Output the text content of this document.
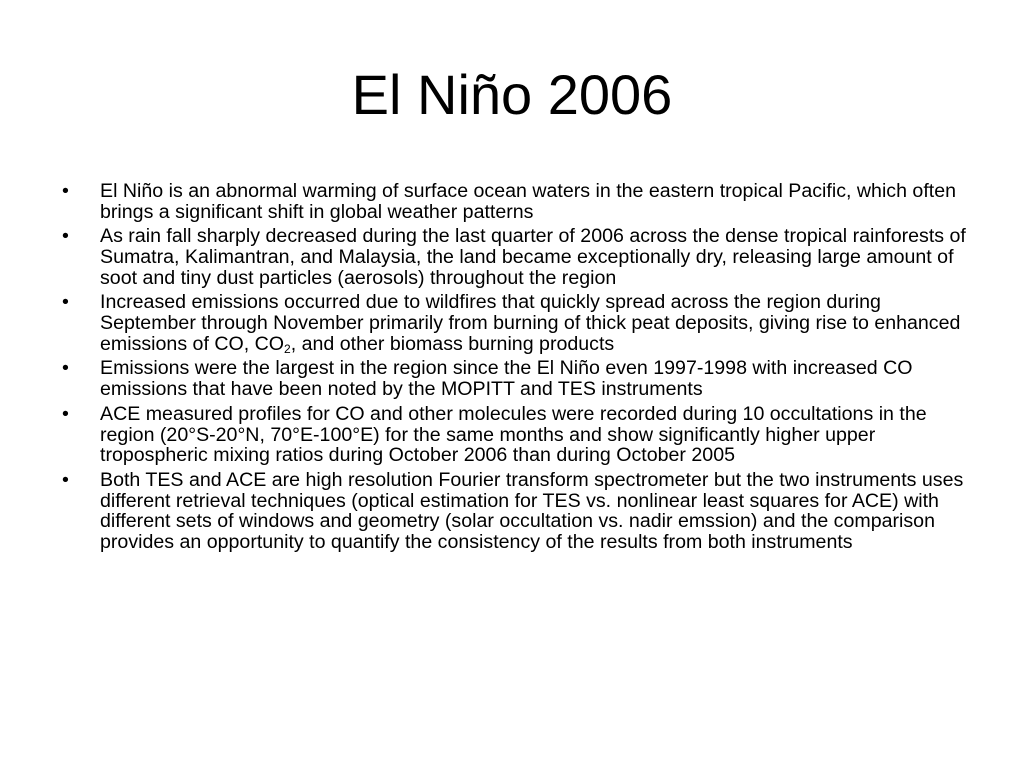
El Niño 2006
•	El Niño is an abnormal warming of surface ocean waters in the eastern tropical Pacific, which often brings a significant shift in global weather patterns
•	As rain fall sharply decreased during the last quarter of 2006 across the dense tropical rainforests of Sumatra, Kalimantran, and Malaysia, the land became exceptionally dry, releasing large amount of soot and tiny dust particles (aerosols) throughout the region
•	Increased emissions occurred due to wildfires that quickly spread across the region during September through November primarily from burning of thick peat deposits, giving rise to enhanced emissions of CO, $CO_2$, and other biomass burning products
•	Emissions were the largest in the region since the El Niño even 1997-1998 with increased CO emissions that have been noted by the MOPITT and TES instruments
•	ACE measured profiles for CO and other molecules were recorded during 10 occultations in the region (20°S-20°N, 70°E-100°E) for the same months and show significantly higher upper tropospheric mixing ratios during October 2006 than during October 2005
•	Both TES and ACE are high resolution Fourier transform spectrometer but the two instruments uses different retrieval techniques (optical estimation for TES vs. nonlinear least squares for ACE) with different sets of windows and geometry (solar occultation vs. nadir emssion) and the comparison provides an opportunity to quantify the consistency of the results from both instruments
